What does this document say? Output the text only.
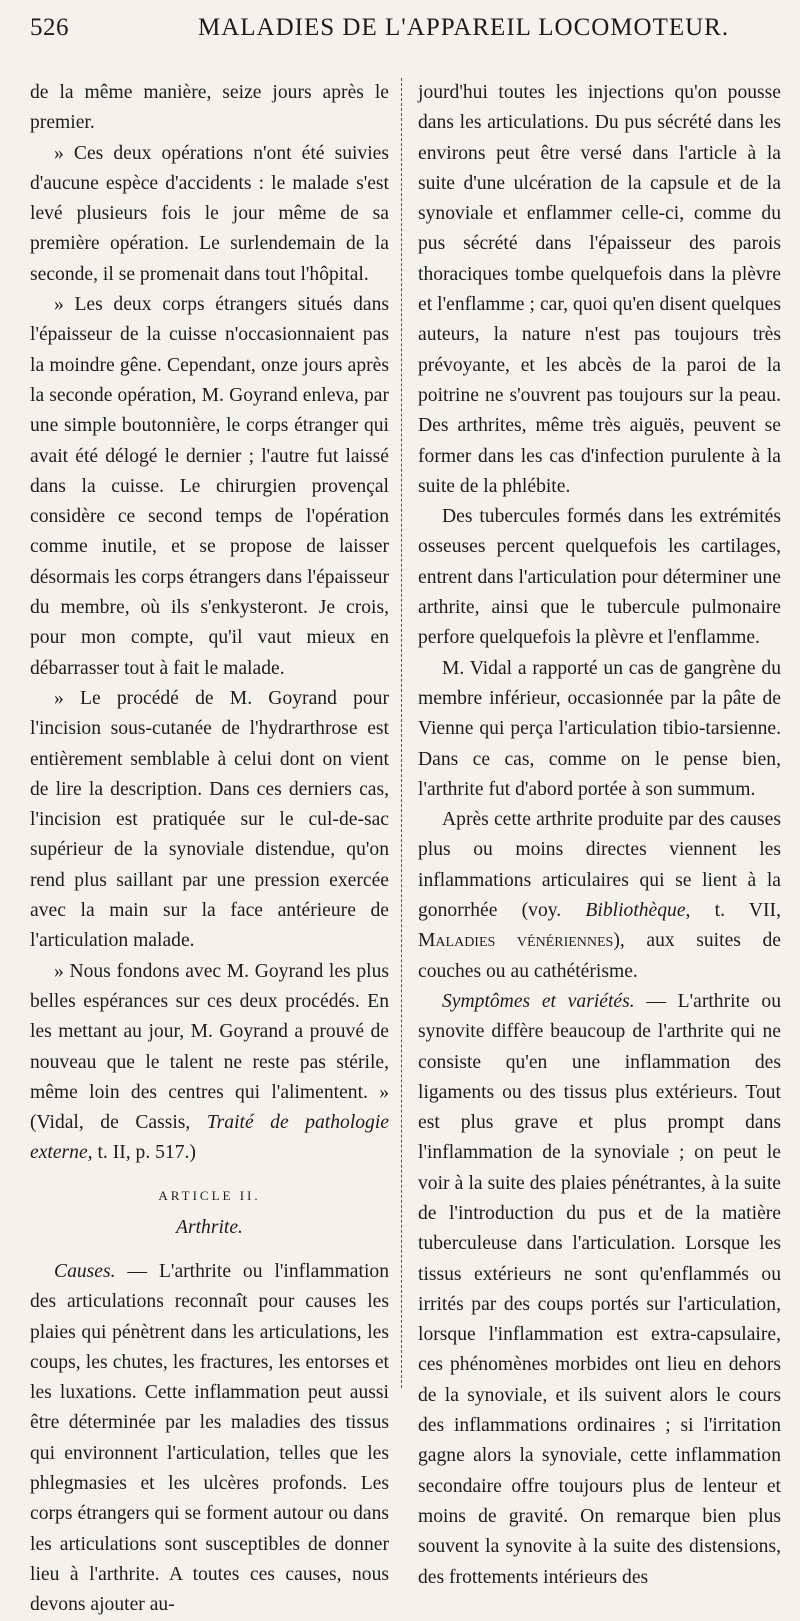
526	MALADIES DE L'APPAREIL LOCOMOTEUR.

de la même manière, seize jours après le premier.

» Ces deux opérations n'ont été suivies d'aucune espèce d'accidents : le malade s'est levé plusieurs fois le jour même de sa première opération. Le surlendemain de la seconde, il se promenait dans tout l'hôpital.

» Les deux corps étrangers situés dans l'épaisseur de la cuisse n'occasionnaient pas la moindre gêne. Cependant, onze jours après la seconde opération, M. Goyrand enleva, par une simple boutonnière, le corps étranger qui avait été délogé le dernier ; l'autre fut laissé dans la cuisse. Le chirurgien provençal considère ce second temps de l'opération comme inutile, et se propose de laisser désormais les corps étrangers dans l'épaisseur du membre, où ils s'enkysteront. Je crois, pour mon compte, qu'il vaut mieux en débarrasser tout à fait le malade.

» Le procédé de M. Goyrand pour l'incision sous-cutanée de l'hydrarthrose est entièrement semblable à celui dont on vient de lire la description. Dans ces derniers cas, l'incision est pratiquée sur le cul-de-sac supérieur de la synoviale distendue, qu'on rend plus saillant par une pression exercée avec la main sur la face antérieure de l'articulation malade.

» Nous fondons avec M. Goyrand les plus belles espérances sur ces deux procédés. En les mettant au jour, M. Goyrand a prouvé de nouveau que le talent ne reste pas stérile, même loin des centres qui l'alimentent. » (Vidal, de Cassis, Traité de pathologie externe, t. II, p. 517.)

ARTICLE II.
Arthrite.

Causes. — L'arthrite ou l'inflammation des articulations reconnaît pour causes les plaies qui pénètrent dans les articulations, les coups, les chutes, les fractures, les entorses et les luxations. Cette inflammation peut aussi être déterminée par les maladies des tissus qui environnent l'articulation, telles que les phlegmasies et les ulcères profonds. Les corps étrangers qui se forment autour ou dans les articulations sont susceptibles de donner lieu à l'arthrite. A toutes ces causes, nous devons ajouter au-

jourd'hui toutes les injections qu'on pousse dans les articulations. Du pus sécrété dans les environs peut être versé dans l'article à la suite d'une ulcération de la capsule et de la synoviale et enflammer celle-ci, comme du pus sécrété dans l'épaisseur des parois thoraciques tombe quelquefois dans la plèvre et l'enflamme ; car, quoi qu'en disent quelques auteurs, la nature n'est pas toujours très prévoyante, et les abcès de la paroi de la poitrine ne s'ouvrent pas toujours sur la peau. Des arthrites, même très aiguës, peuvent se former dans les cas d'infection purulente à la suite de la phlébite.

Des tubercules formés dans les extrémités osseuses percent quelquefois les cartilages, entrent dans l'articulation pour déterminer une arthrite, ainsi que le tubercule pulmonaire perfore quelquefois la plèvre et l'enflamme.

M. Vidal a rapporté un cas de gangrène du membre inférieur, occasionnée par la pâte de Vienne qui perça l'articulation tibio-tarsienne. Dans ce cas, comme on le pense bien, l'arthrite fut d'abord portée à son summum.

Après cette arthrite produite par des causes plus ou moins directes viennent les inflammations articulaires qui se lient à la gonorrhée (voy. Bibliothèque, t. VII, Maladies vénériennes), aux suites de couches ou au cathétérisme.

Symptômes et variétés. — L'arthrite ou synovite diffère beaucoup de l'arthrite qui ne consiste qu'en une inflammation des ligaments ou des tissus plus extérieurs. Tout est plus grave et plus prompt dans l'inflammation de la synoviale ; on peut le voir à la suite des plaies pénétrantes, à la suite de l'introduction du pus et de la matière tuberculeuse dans l'articulation. Lorsque les tissus extérieurs ne sont qu'enflammés ou irrités par des coups portés sur l'articulation, lorsque l'inflammation est extra-capsulaire, ces phénomènes morbides ont lieu en dehors de la synoviale, et ils suivent alors le cours des inflammations ordinaires ; si l'irritation gagne alors la synoviale, cette inflammation secondaire offre toujours plus de lenteur et moins de gravité. On remarque bien plus souvent la synovite à la suite des distensions, des frottements intérieurs des
